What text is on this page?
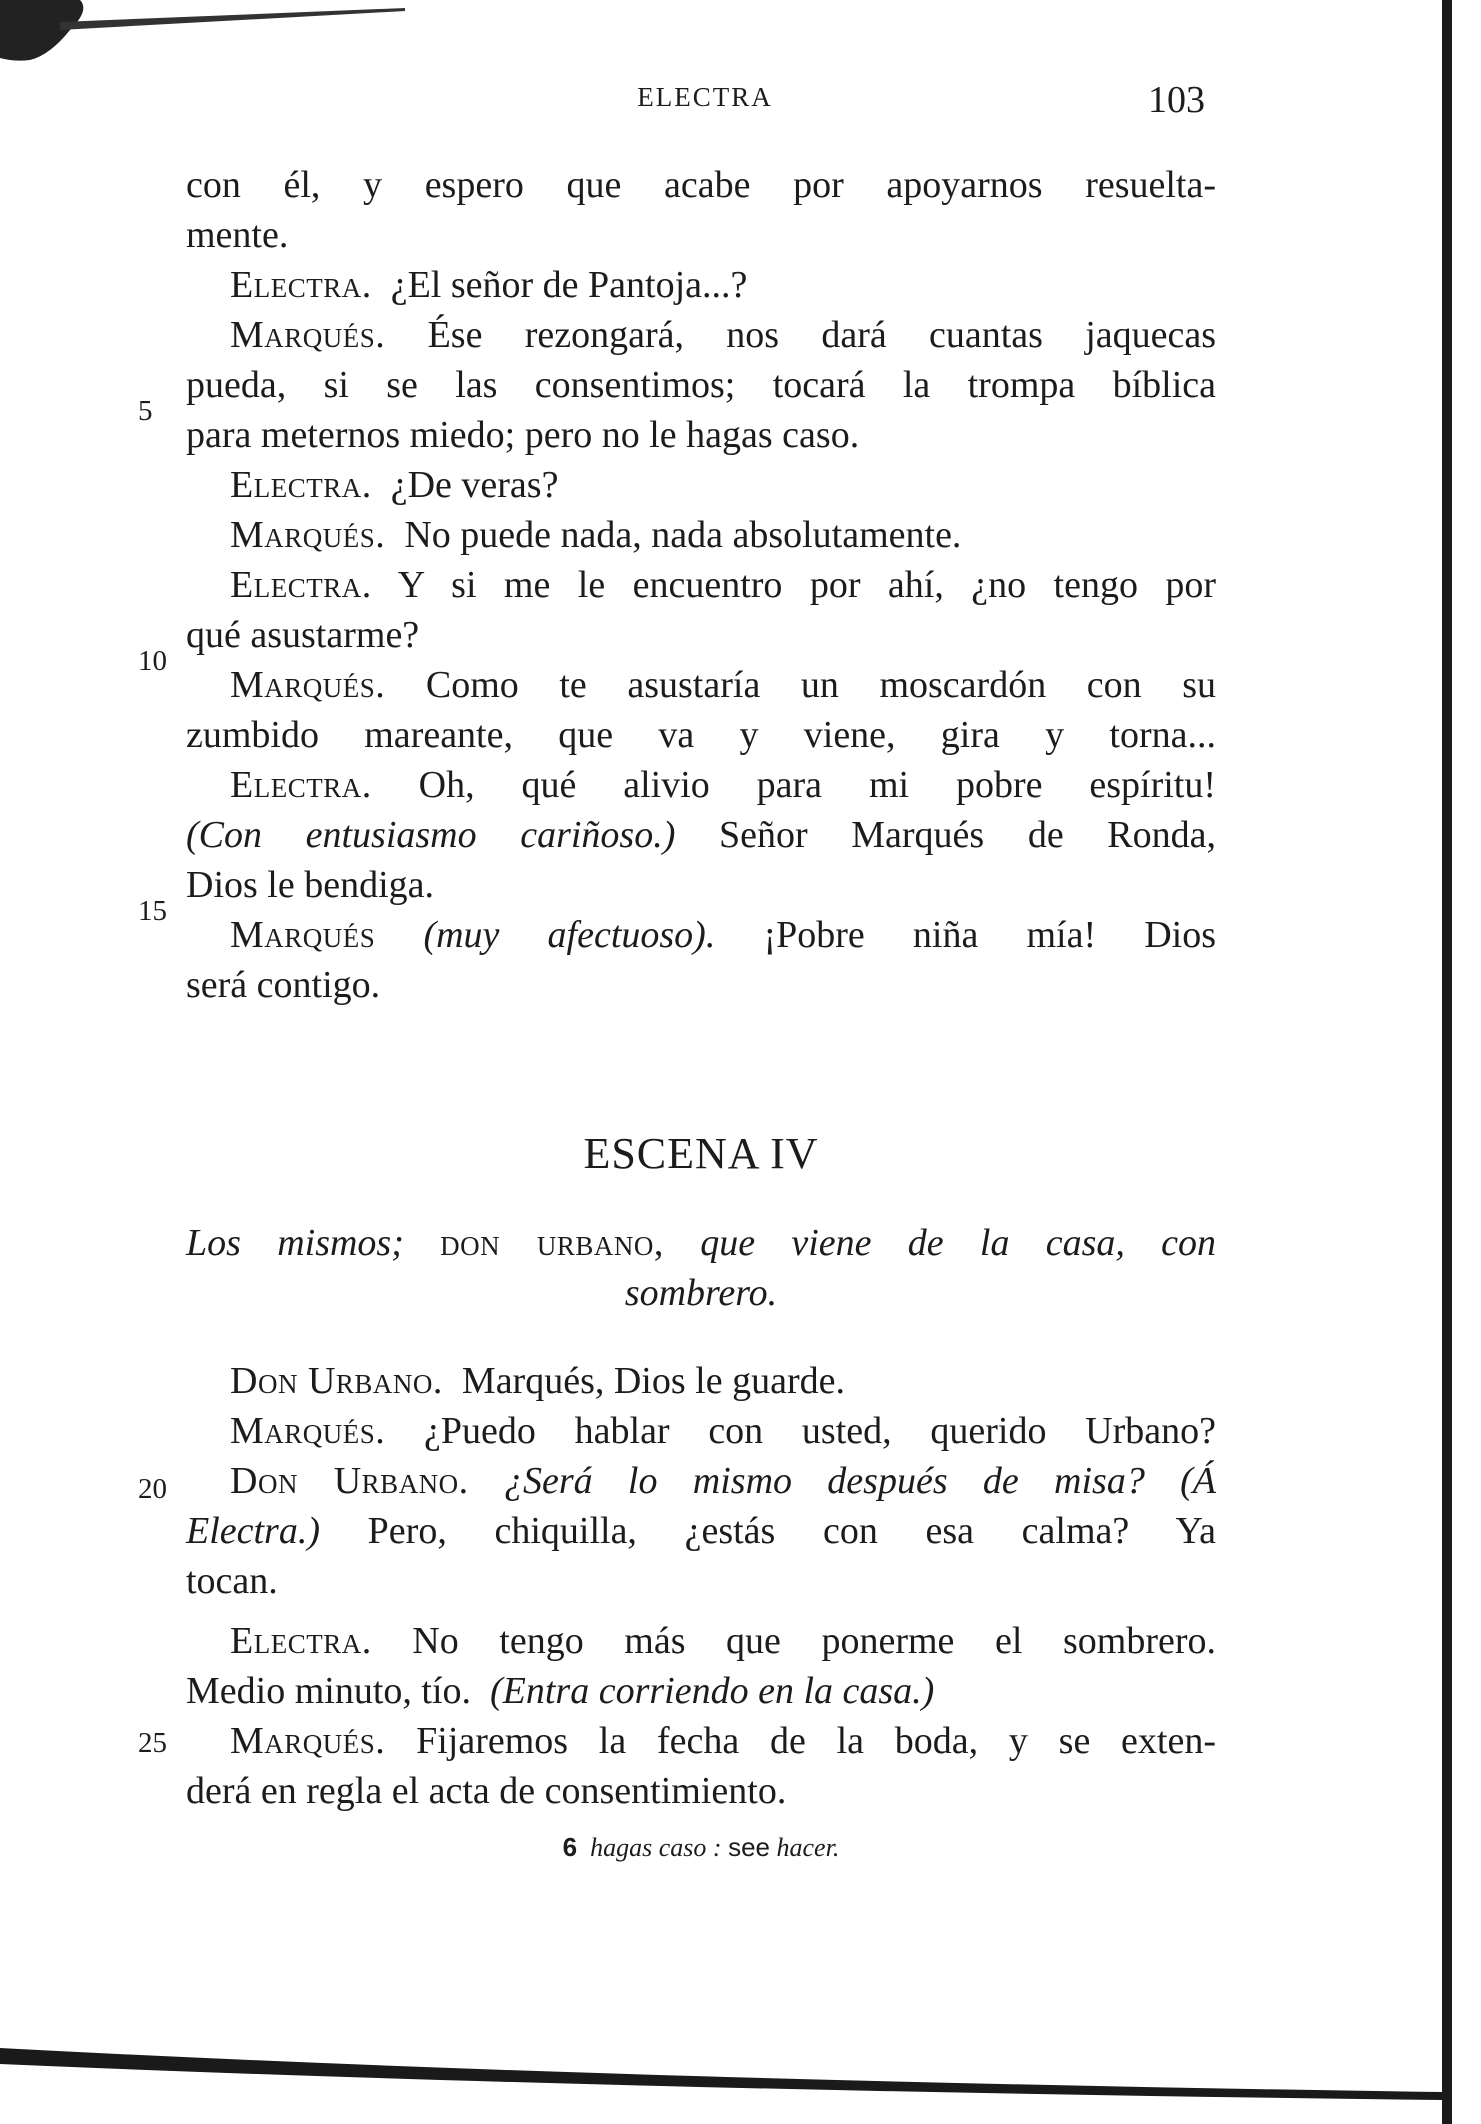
ELECTRA	103
con él, y espero que acabe por apoyarnos resuelta-
mente.
Electra. ¿El señor de Pantoja...?
Marqués. Ése rezongará, nos dará cuantas jaquecas
5
pueda, si se las consentimos; tocará la trompa bíblica
para meternos miedo; pero no le hagas caso.
Electra. ¿De veras?
Marqués. No puede nada, nada absolutamente.
Electra. Y si me le encuentro por ahí, ¿no tengo por
10
qué asustarme?
Marqués. Como te asustaría un moscardón con su
zumbido mareante, que va y viene, gira y torna...
Electra. Oh, qué alivio para mi pobre espíritu!
(Con entusiasmo cariñoso.) Señor Marqués de Ronda,
15
Dios le bendiga.
Marqués (muy afectuoso). ¡Pobre niña mía! Dios
será contigo.
ESCENA IV
Los mismos; don urbano, que viene de la casa, con
sombrero.
Don Urbano. Marqués, Dios le guarde.
Marqués. ¿Puedo hablar con usted, querido Urbano?
20 Don Urbano. ¿Será lo mismo después de misa? (Á
Electra.) Pero, chiquilla, ¿estás con esa calma? Ya
tocan.
Electra. No tengo más que ponerme el sombrero.
Medio minuto, tío. (Entra corriendo en la casa.)
25 Marqués. Fijaremos la fecha de la boda, y se exten-
derá en regla el acta de consentimiento.
6 hagas caso : see hacer.
